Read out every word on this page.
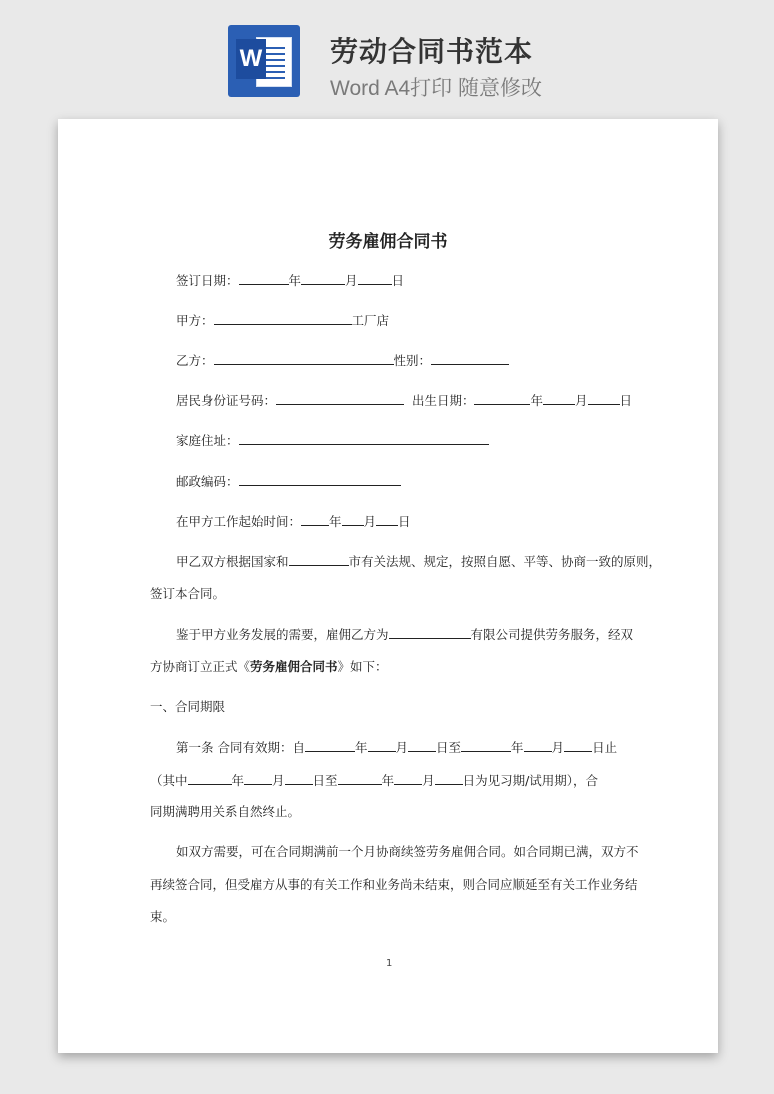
W 劳动合同书范本
Word A4打印 随意修改
劳务雇佣合同书
签订日期：	年	月	日
甲方：	工厂店
乙方：	性别：
居民身份证号码：	出生日期：	年	月	日
家庭住址：
邮政编码：
在甲方工作起始时间： 年 月 日
甲乙双方根据国家和	市有关法规、规定，按照自愿、平等、协商一致的原则，
签订本合同。
鉴于甲方业务发展的需要，雇佣乙方为	有限公司提供劳务服务，经双
方协商订立正式《劳务雇佣合同书》如下：
一、合同期限
第一条 合同有效期：自	年 月 日至	年 月 日止
（其中	年 月 日至	年 月 日为见习期/试用期），合
同期满聘用关系自然终止。
如双方需要，可在合同期满前一个月协商续签劳务雇佣合同。如合同期已满，双方不
再续签合同，但受雇方从事的有关工作和业务尚未结束，则合同应顺延至有关工作业务结
束。
1
